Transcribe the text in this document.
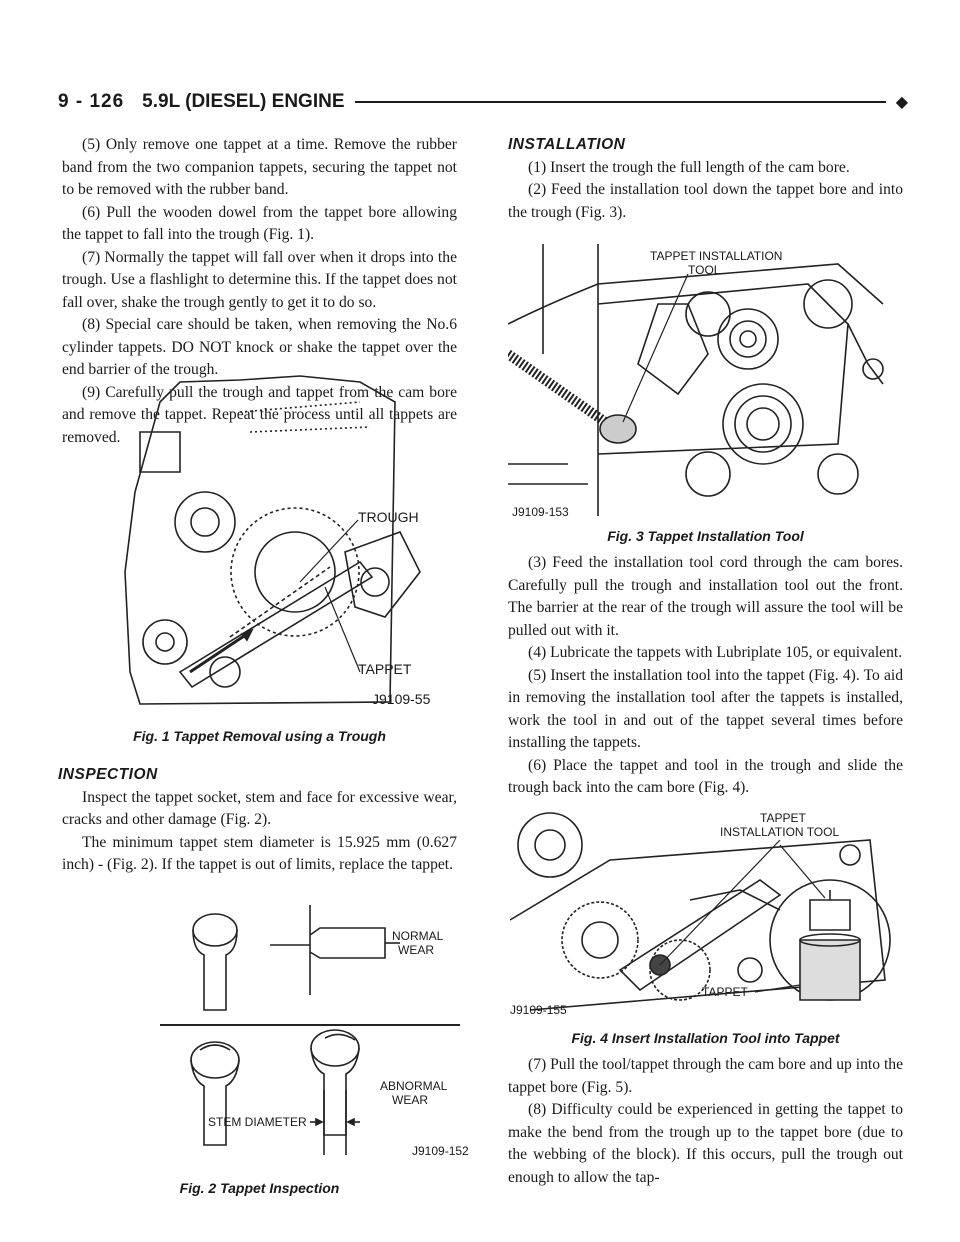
9 - 126 5.9L (DIESEL) ENGINE	◆

(5) Only remove one tappet at a time. Remove the rubber band from the two companion tappets, securing the tappet not to be removed with the rubber band.

(6) Pull the wooden dowel from the tappet bore allowing the tappet to fall into the trough (Fig. 1).

(7) Normally the tappet will fall over when it drops into the trough. Use a flashlight to determine this. If the tappet does not fall over, shake the trough gently to get it to do so.

(8) Special care should be taken, when removing the No.6 cylinder tappets. DO NOT knock or shake the tappet over the end barrier of the trough.

(9) Carefully pull the trough and tappet from the cam bore and remove the tappet. Repeat the process until all tappets are removed.

TROUGH
TAPPET
J9109-55
Fig. 1 Tappet Removal using a Trough
INSPECTION

Inspect the tappet socket, stem and face for excessive wear, cracks and other damage (Fig. 2).

The minimum tappet stem diameter is 15.925 mm (0.627 inch) - (Fig. 2). If the tappet is out of limits, replace the tappet.

NORMAL
WEAR
ABNORMAL
WEAR
STEM DIAMETER
J9109-152
Fig. 2 Tappet Inspection
INSTALLATION

(1) Insert the trough the full length of the cam bore.

(2) Feed the installation tool down the tappet bore and into the trough (Fig. 3).

TAPPET INSTALLATION
TOOL
J9109-153
Fig. 3 Tappet Installation Tool

(3) Feed the installation tool cord through the cam bores. Carefully pull the trough and installation tool out the front. The barrier at the rear of the trough will assure the tool will be pulled out with it.

(4) Lubricate the tappets with Lubriplate 105, or equivalent.

(5) Insert the installation tool into the tappet (Fig. 4). To aid in removing the installation tool after the tappets is installed, work the tool in and out of the tappet several times before installing the tappets.

(6) Place the tappet and tool in the trough and slide the trough back into the cam bore (Fig. 4).

TAPPET
INSTALLATION TOOL
TAPPET
J9109-155
Fig. 4 Insert Installation Tool into Tappet

(7) Pull the tool/tappet through the cam bore and up into the tappet bore (Fig. 5).

(8) Difficulty could be experienced in getting the tappet to make the bend from the trough up to the tappet bore (due to the webbing of the block). If this occurs, pull the trough out enough to allow the tap-
